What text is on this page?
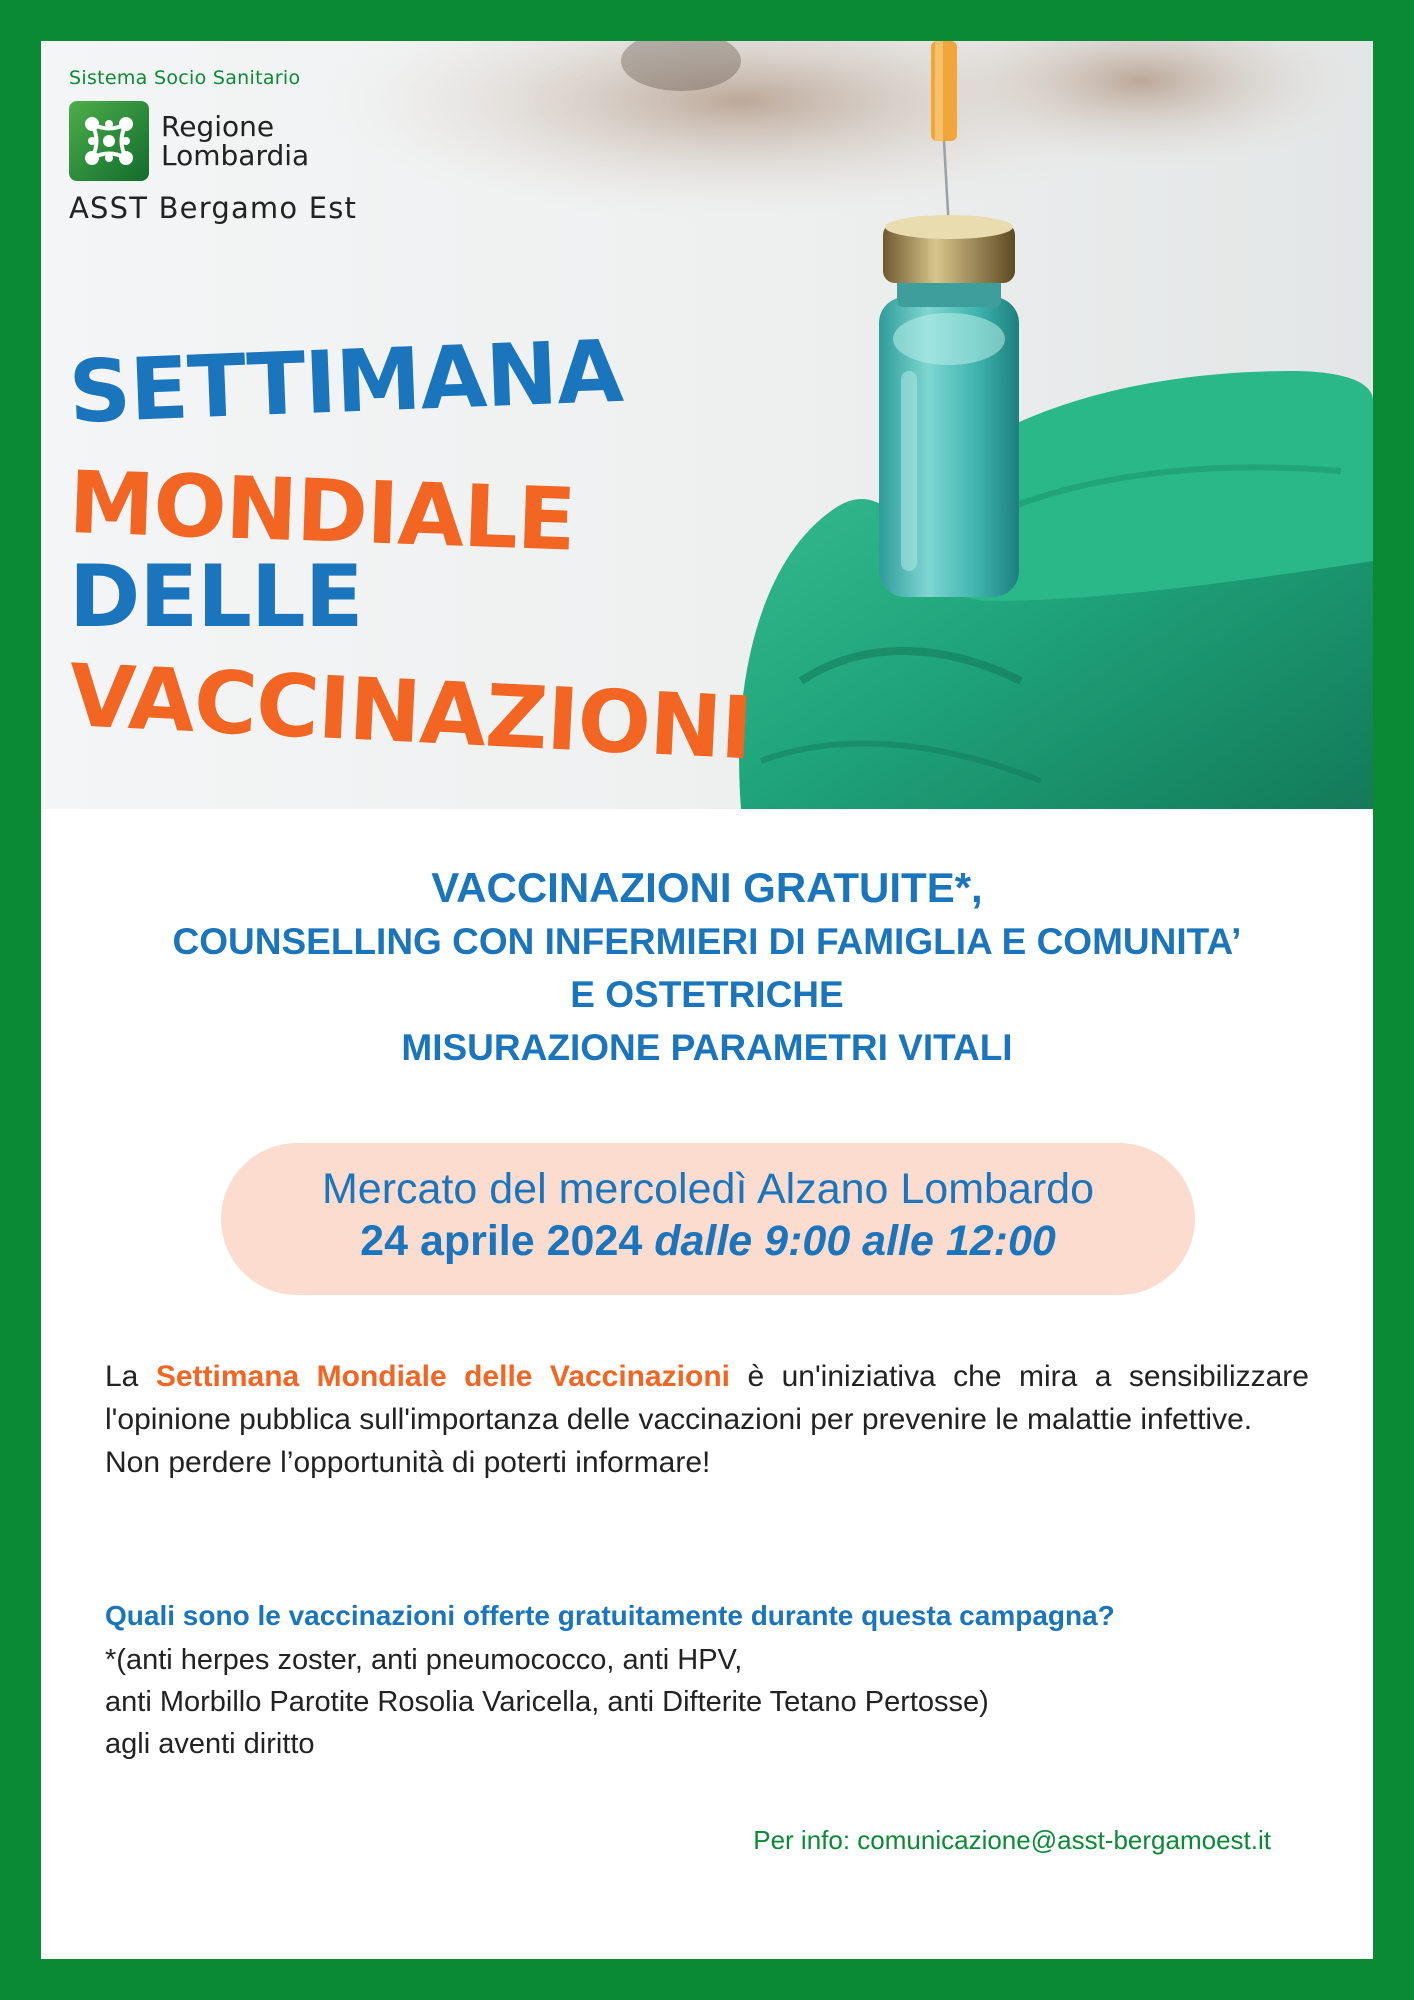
Sistema Socio Sanitario
Regione
Lombardia
ASST Bergamo Est
SETTIMANA
MONDIALE
DELLE
VACCINAZIONI
VACCINAZIONI GRATUITE*,
COUNSELLING CON INFERMIERI DI FAMIGLIA E COMUNITA’
E OSTETRICHE
MISURAZIONE PARAMETRI VITALI
Mercato del mercoledì Alzano Lombardo
24 aprile 2024 dalle 9:00 alle 12:00

La Settimana Mondiale delle Vaccinazioni è un'iniziativa che mira a sensibilizzare l'opinione pubblica sull'importanza delle vaccinazioni per prevenire le malattie infettive.

Non perdere l’opportunità di poterti informare!

Quali sono le vaccinazioni offerte gratuitamente durante questa campagna?
*(anti herpes zoster, anti pneumococco, anti HPV,
anti Morbillo Parotite Rosolia Varicella, anti Difterite Tetano Pertosse)
agli aventi diritto
Per info: comunicazione@asst-bergamoest.it
